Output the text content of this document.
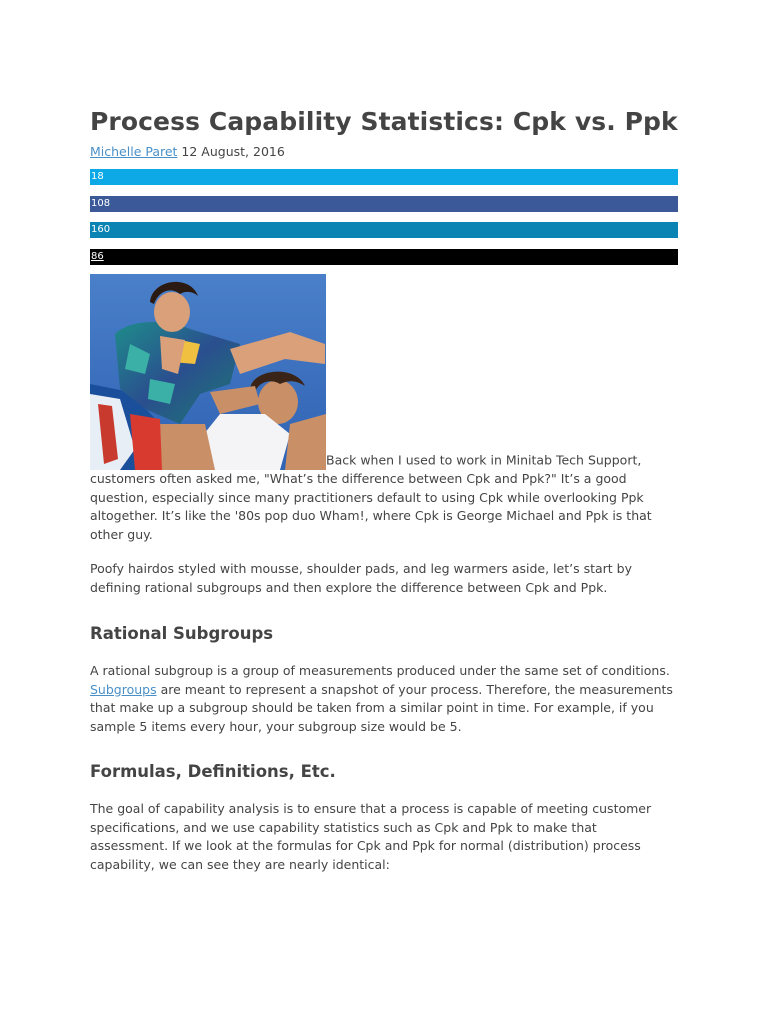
Process Capability Statistics: Cpk vs. Ppk
Michelle Paret 12 August, 2016
18
108
160
86

Back when I used to work in Minitab Tech Support, customers often asked me, "What’s the difference between Cpk and Ppk?" It’s a good question, especially since many practitioners default to using Cpk while overlooking Ppk altogether. It’s like the '80s pop duo Wham!, where Cpk is George Michael and Ppk is that other guy.

Poofy hairdos styled with mousse, shoulder pads, and leg warmers aside, let’s start by defining rational subgroups and then explore the difference between Cpk and Ppk.

Rational Subgroups

A rational subgroup is a group of measurements produced under the same set of conditions. Subgroups are meant to represent a snapshot of your process. Therefore, the measurements that make up a subgroup should be taken from a similar point in time. For example, if you sample 5 items every hour, your subgroup size would be 5.

Formulas, Definitions, Etc.

The goal of capability analysis is to ensure that a process is capable of meeting customer specifications, and we use capability statistics such as Cpk and Ppk to make that assessment. If we look at the formulas for Cpk and Ppk for normal (distribution) process capability, we can see they are nearly identical:
